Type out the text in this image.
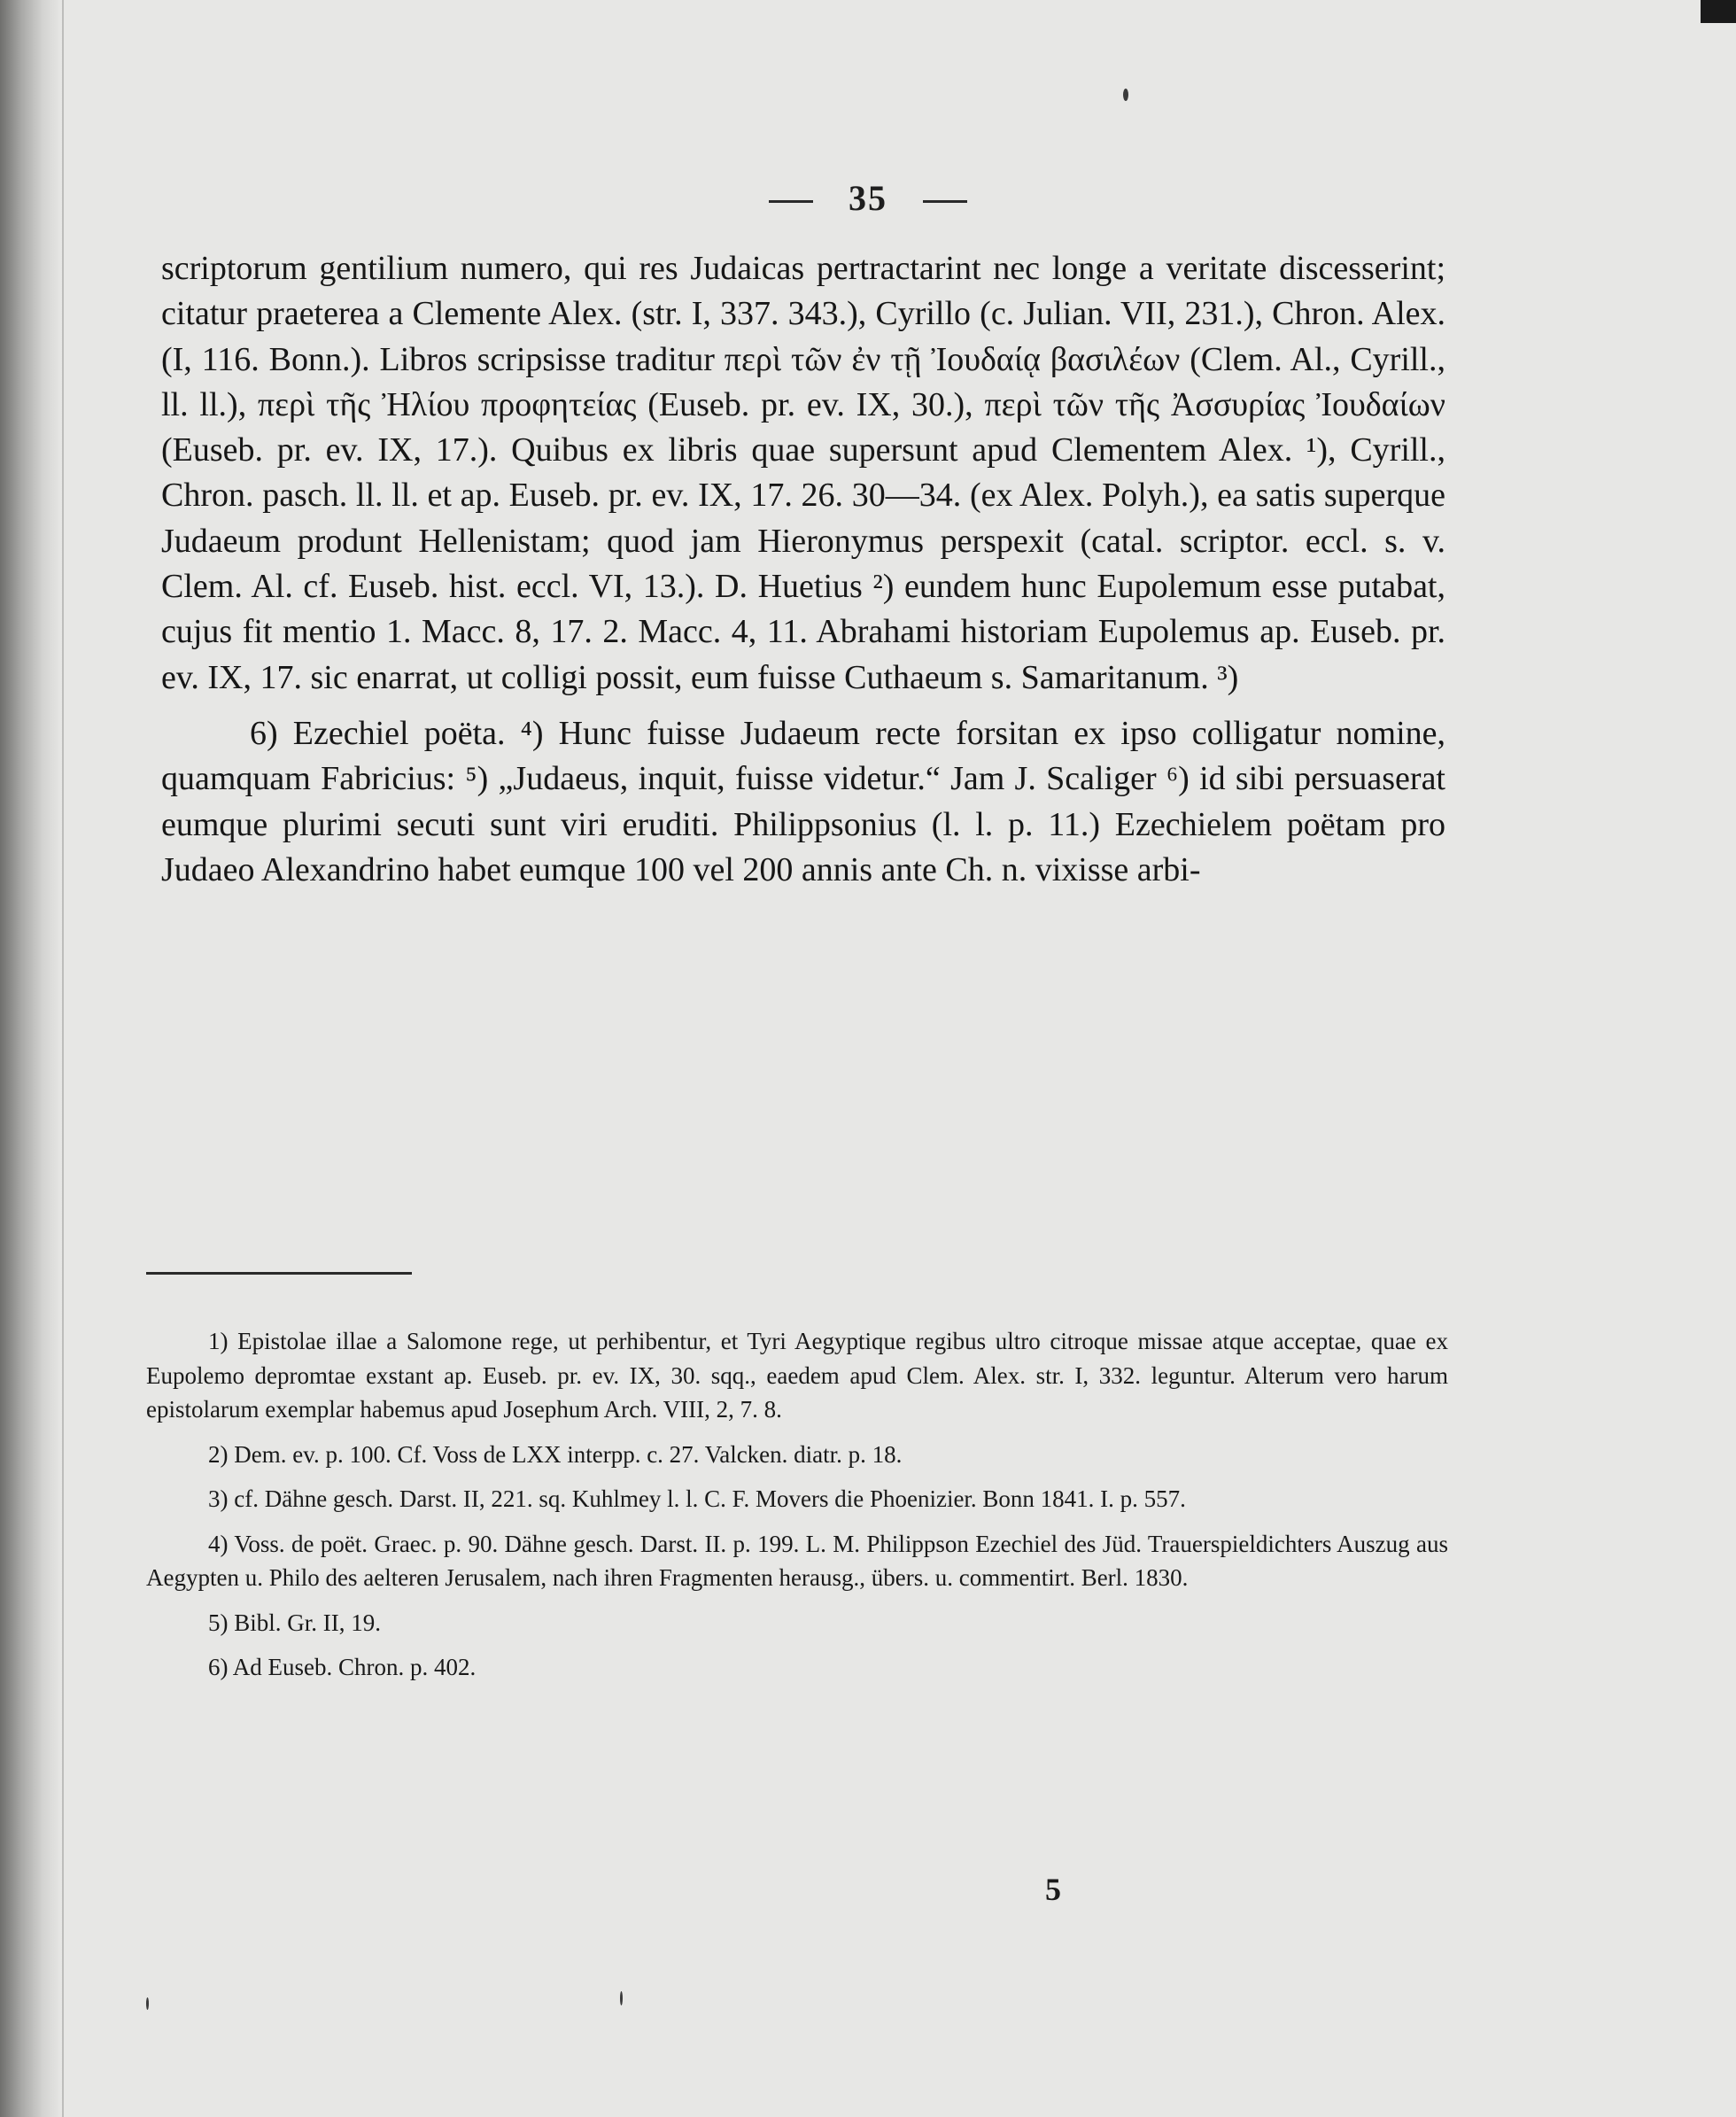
35

scriptorum gentilium numero, qui res Judaicas pertractarint nec longe a veritate discesserint; citatur praeterea a Clemente Alex. (str. I, 337. 343.), Cyrillo (c. Julian. VII, 231.), Chron. Alex. (I, 116. Bonn.). Libros scripsisse traditur περὶ τῶν ἐν τῇ Ἰουδαίᾳ βασιλέων (Clem. Al., Cyrill., ll. ll.), περὶ τῆς Ἠλίου προφητείας (Euseb. pr. ev. IX, 30.), περὶ τῶν τῆς Ἀσσυρίας Ἰουδαίων (Euseb. pr. ev. IX, 17.). Quibus ex libris quae supersunt apud Clementem Alex. ¹), Cyrill., Chron. pasch. ll. ll. et ap. Euseb. pr. ev. IX, 17. 26. 30—34. (ex Alex. Polyh.), ea satis superque Judaeum produnt Hellenistam; quod jam Hieronymus perspexit (catal. scriptor. eccl. s. v. Clem. Al. cf. Euseb. hist. eccl. VI, 13.). D. Huetius ²) eundem hunc Eupolemum esse putabat, cujus fit mentio 1. Macc. 8, 17. 2. Macc. 4, 11. Abrahami historiam Eupolemus ap. Euseb. pr. ev. IX, 17. sic enarrat, ut colligi possit, eum fuisse Cuthaeum s. Samaritanum. ³)

6) Ezechiel poëta. ⁴) Hunc fuisse Judaeum recte forsitan ex ipso colligatur nomine, quamquam Fabricius: ⁵) „Judaeus, inquit, fuisse videtur.“ Jam J. Scaliger ⁶) id sibi persuaserat eumque plurimi secuti sunt viri eruditi. Philippsonius (l. l. p. 11.) Ezechielem poëtam pro Judaeo Alexandrino habet eumque 100 vel 200 annis ante Ch. n. vixisse arbi-

1) Epistolae illae a Salomone rege, ut perhibentur, et Tyri Aegyptique regibus ultro citroque missae atque acceptae, quae ex Eupolemo depromtae exstant ap. Euseb. pr. ev. IX, 30. sqq., eaedem apud Clem. Alex. str. I, 332. leguntur. Alterum vero harum epistolarum exemplar habemus apud Josephum Arch. VIII, 2, 7. 8.

2) Dem. ev. p. 100. Cf. Voss de LXX interpp. c. 27. Valcken. diatr. p. 18.

3) cf. Dähne gesch. Darst. II, 221. sq. Kuhlmey l. l. C. F. Movers die Phoenizier. Bonn 1841. I. p. 557.

4) Voss. de poët. Graec. p. 90. Dähne gesch. Darst. II. p. 199. L. M. Philippson Ezechiel des Jüd. Trauerspieldichters Auszug aus Aegypten u. Philo des aelteren Jerusalem, nach ihren Fragmenten herausg., übers. u. commentirt. Berl. 1830.

5) Bibl. Gr. II, 19.

6) Ad Euseb. Chron. p. 402.

5
